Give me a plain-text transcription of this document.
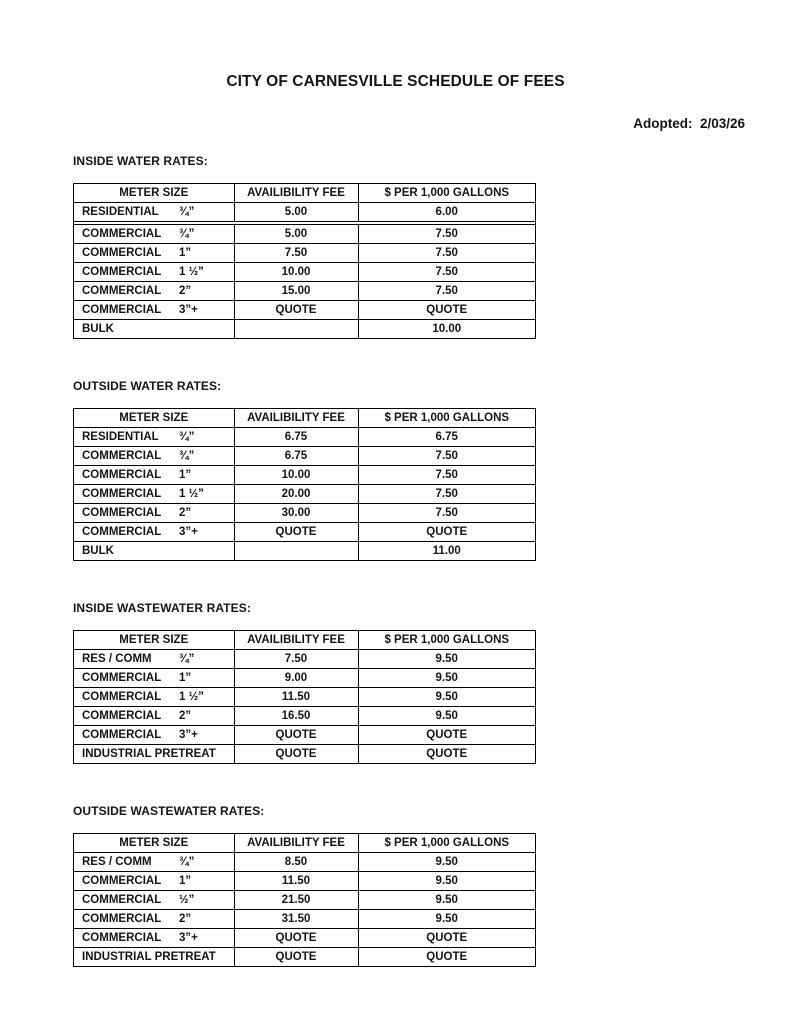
CITY OF CARNESVILLE SCHEDULE OF FEES
Adopted:  2/03/26
INSIDE WATER RATES:
METER SIZE	AVAILIBILITY FEE	$ PER 1,000 GALLONS
RESIDENTIAL ¾”	5.00	6.00

COMMERCIAL ¾”	5.00	7.50
COMMERCIAL 1”	7.50	7.50
COMMERCIAL 1 ½”	10.00	7.50
COMMERCIAL 2”	15.00	7.50
COMMERCIAL 3”+	QUOTE	QUOTE
BULK		10.00
OUTSIDE WATER RATES:
METER SIZE	AVAILIBILITY FEE	$ PER 1,000 GALLONS
RESIDENTIAL ¾”	6.75	6.75
COMMERCIAL ¾”	6.75	7.50
COMMERCIAL 1”	10.00	7.50
COMMERCIAL 1 ½”	20.00	7.50
COMMERCIAL 2”	30.00	7.50
COMMERCIAL 3”+	QUOTE	QUOTE
BULK		11.00
INSIDE WASTEWATER RATES:
METER SIZE	AVAILIBILITY FEE	$ PER 1,000 GALLONS
RES / COMM ¾”	7.50	9.50
COMMERCIAL 1”	9.00	9.50
COMMERCIAL 1 ½”	11.50	9.50
COMMERCIAL 2”	16.50	9.50
COMMERCIAL 3”+	QUOTE	QUOTE
INDUSTRIAL PRETREAT	QUOTE	QUOTE
OUTSIDE WASTEWATER RATES:
METER SIZE	AVAILIBILITY FEE	$ PER 1,000 GALLONS
RES / COMM ¾”	8.50	9.50
COMMERCIAL 1”	11.50	9.50
COMMERCIAL ½”	21.50	9.50
COMMERCIAL 2”	31.50	9.50
COMMERCIAL 3”+	QUOTE	QUOTE
INDUSTRIAL PRETREAT	QUOTE	QUOTE
